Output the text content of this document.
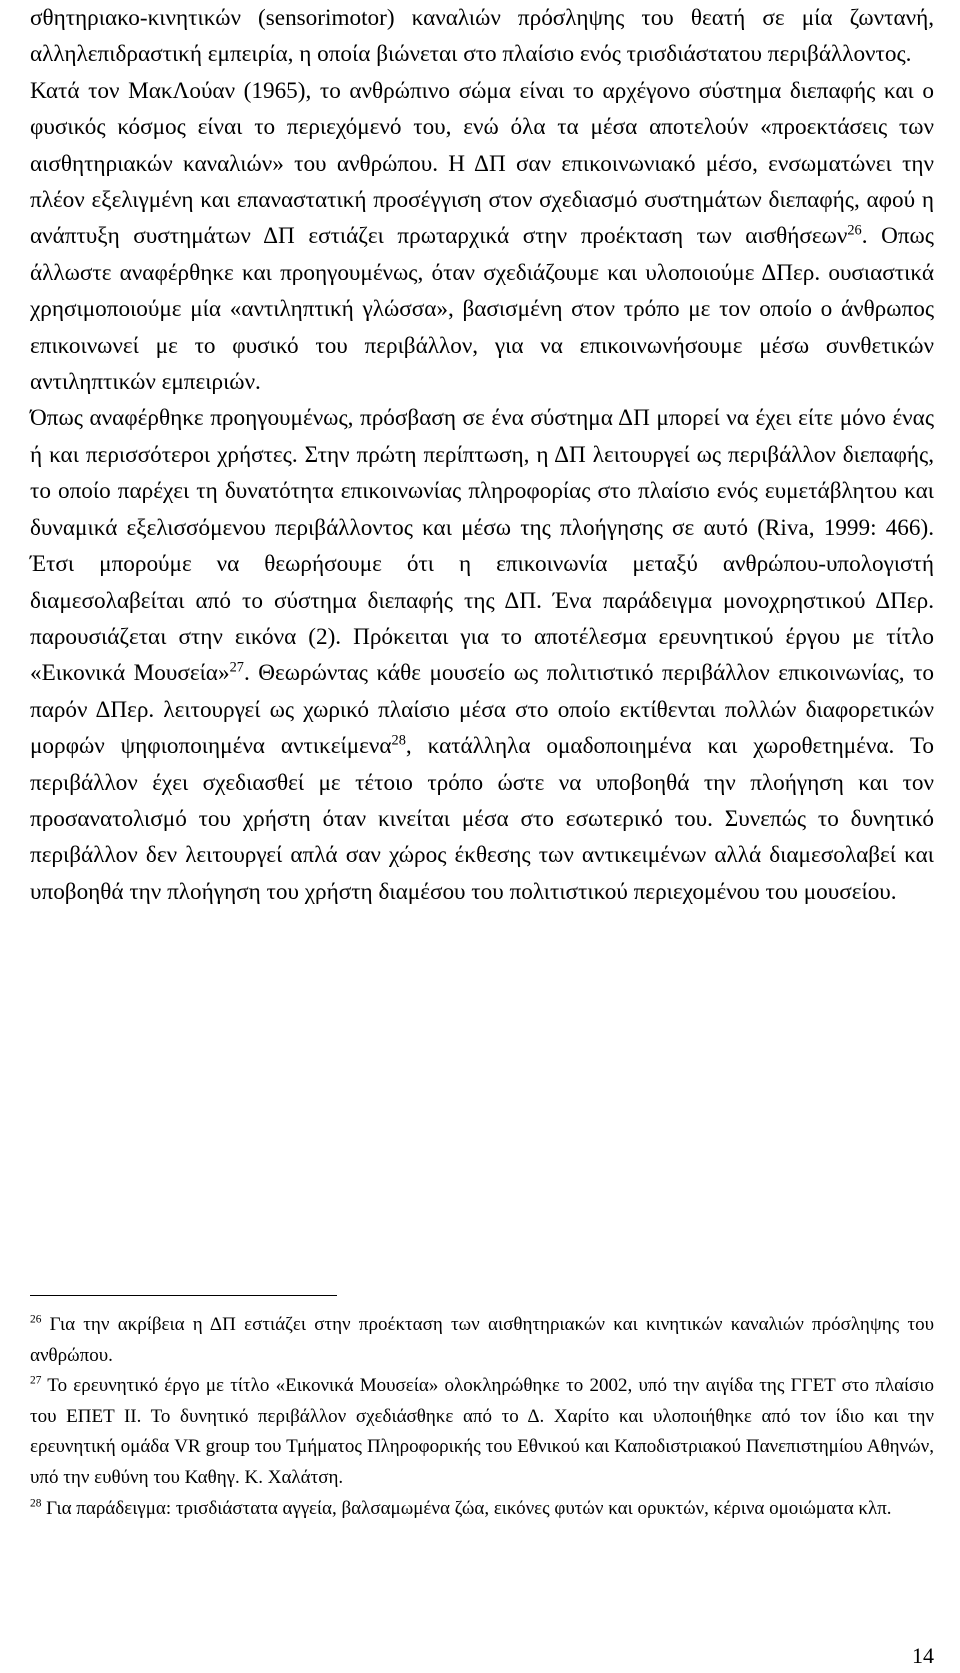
σθητηριακο-κινητικών (sensorimotor) καναλιών πρόσληψης του θεατή σε μία ζωντανή, αλληλεπιδραστική εμπειρία, η οποία βιώνεται στο πλαίσιο ενός τρισδιάστατου περιβάλλοντος.

Κατά τον ΜακΛούαν (1965), το ανθρώπινο σώμα είναι το αρχέγονο σύστημα διεπαφής και ο φυσικός κόσμος είναι το περιεχόμενό του, ενώ όλα τα μέσα αποτελούν «προεκτάσεις των αισθητηριακών καναλιών» του ανθρώπου. Η ΔΠ σαν επικοινωνιακό μέσο, ενσωματώνει την πλέον εξελιγμένη και επαναστατική προσέγγιση στον σχεδιασμό συστημάτων διεπαφής, αφού η ανάπτυξη συστημάτων ΔΠ εστιάζει πρωταρχικά στην προέκταση των αισθήσεων$^{26}$. Οπως άλλωστε αναφέρθηκε και προηγουμένως, όταν σχεδιάζουμε και υλοποιούμε ΔΠερ. ουσιαστικά χρησιμοποιούμε μία «αντιληπτική γλώσσα», βασισμένη στον τρόπο με τον οποίο ο άνθρωπος επικοινωνεί με το φυσικό του περιβάλλον, για να επικοινωνήσουμε μέσω συνθετικών αντιληπτικών εμπειριών.

Όπως αναφέρθηκε προηγουμένως, πρόσβαση σε ένα σύστημα ΔΠ μπορεί να έχει είτε μόνο ένας ή και περισσότεροι χρήστες. Στην πρώτη περίπτωση, η ΔΠ λειτουργεί ως περιβάλλον διεπαφής, το οποίο παρέχει τη δυνατότητα επικοινωνίας πληροφορίας στο πλαίσιο ενός ευμετάβλητου και δυναμικά εξελισσόμενου περιβάλλοντος και μέσω της πλοήγησης σε αυτό (Riva, 1999: 466). Έτσι μπορούμε να θεωρήσουμε ότι η επικοινωνία μεταξύ ανθρώπου-υπολογιστή διαμεσολαβείται από το σύστημα διεπαφής της ΔΠ. Ένα παράδειγμα μονοχρηστικού ΔΠερ. παρουσιάζεται στην εικόνα (2). Πρόκειται για το αποτέλεσμα ερευνητικού έργου με τίτλο «Εικονικά Μουσεία»$^{27}$. Θεωρώντας κάθε μουσείο ως πολιτιστικό περιβάλλον επικοινωνίας, το παρόν ΔΠερ. λειτουργεί ως χωρικό πλαίσιο μέσα στο οποίο εκτίθενται πολλών διαφορετικών μορφών ψηφιοποιημένα αντικείμενα$^{28}$, κατάλληλα ομαδοποιημένα και χωροθετημένα. Το περιβάλλον έχει σχεδιασθεί με τέτοιο τρόπο ώστε να υποβοηθά την πλοήγηση και τον προσανατολισμό του χρήστη όταν κινείται μέσα στο εσωτερικό του. Συνεπώς το δυνητικό περιβάλλον δεν λειτουργεί απλά σαν χώρος έκθεσης των αντικειμένων αλλά διαμεσολαβεί και υποβοηθά την πλοήγηση του χρήστη διαμέσου του πολιτιστικού περιεχομένου του μουσείου.

$^{26}$ Για την ακρίβεια η ΔΠ εστιάζει στην προέκταση των αισθητηριακών και κινητικών καναλιών πρόσληψης του ανθρώπου.

$^{27}$ Το ερευνητικό έργο με τίτλο «Εικονικά Μουσεία» ολοκληρώθηκε το 2002, υπό την αιγίδα της ΓΓΕΤ στο πλαίσιο του ΕΠΕΤ ΙΙ. Το δυνητικό περιβάλλον σχεδιάσθηκε από το Δ. Χαρίτο και υλοποιήθηκε από τον ίδιο και την ερευνητική ομάδα VR group του Τμήματος Πληροφορικής του Εθνικού και Καποδιστριακού Πανεπιστημίου Αθηνών, υπό την ευθύνη του Καθηγ. Κ. Χαλάτση.

$^{28}$ Για παράδειγμα: τρισδιάστατα αγγεία, βαλσαμωμένα ζώα, εικόνες φυτών και ορυκτών, κέρινα ομοιώματα κλπ.

14
